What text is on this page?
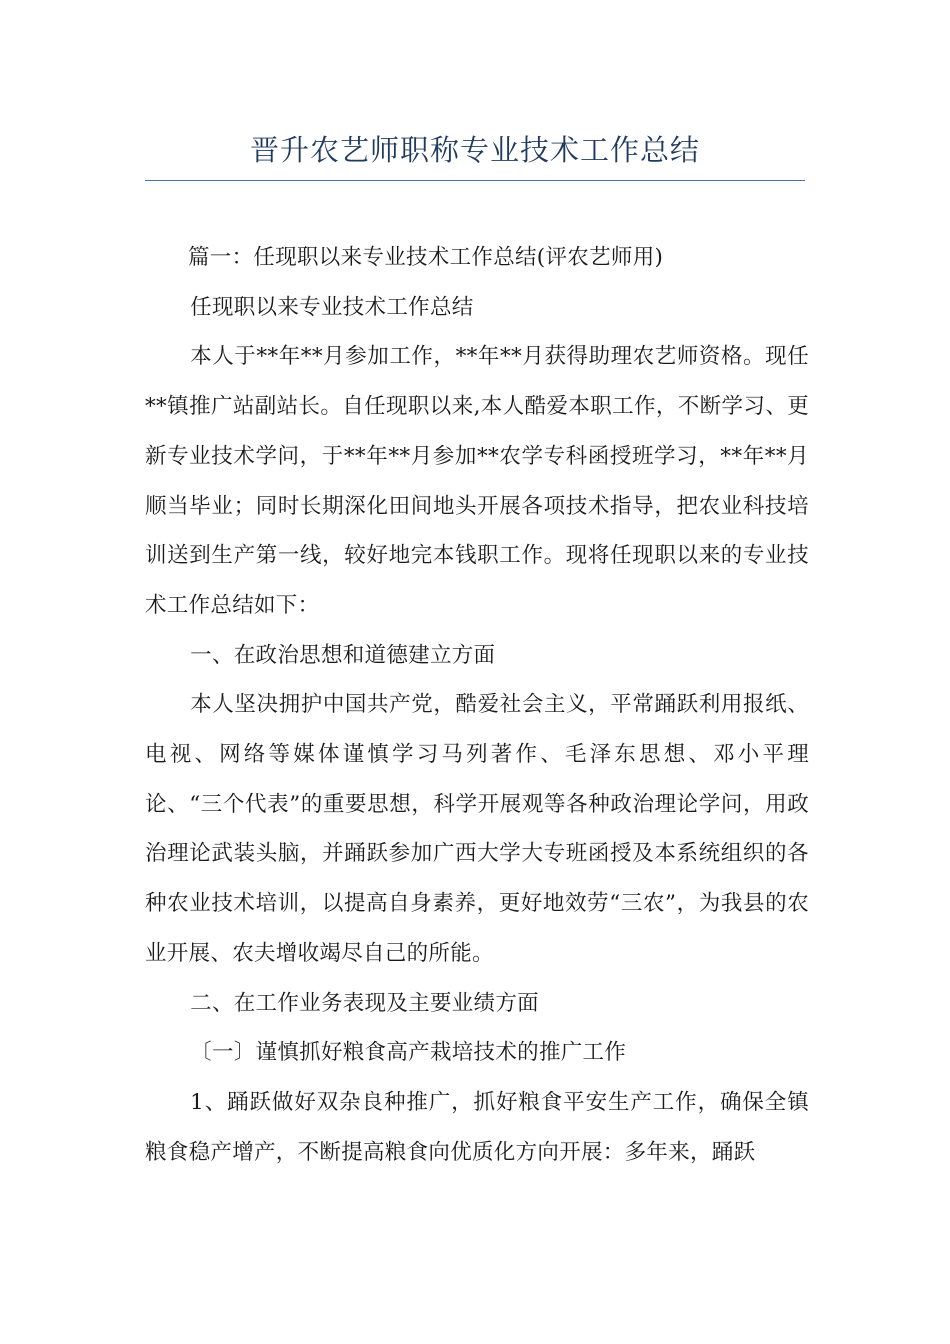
晋升农艺师职称专业技术工作总结

篇一：任现职以来专业技术工作总结(评农艺师用)

任现职以来专业技术工作总结

本人于**年**月参加工作，**年**月获得助理农艺师资格。现任**镇推广站副站长。自任现职以来,本人酷爱本职工作，不断学习、更新专业技术学问，于**年**月参加**农学专科函授班学习，**年**月顺当毕业；同时长期深化田间地头开展各项技术指导，把农业科技培训送到生产第一线，较好地完本钱职工作。现将任现职以来的专业技术工作总结如下：

一、在政治思想和道德建立方面

本人坚决拥护中国共产党，酷爱社会主义，平常踊跃利用报纸、电视、网络等媒体谨慎学习马列著作、毛泽东思想、邓小平理论、“三个代表”的重要思想，科学开展观等各种政治理论学问，用政治理论武装头脑，并踊跃参加广西大学大专班函授及本系统组织的各种农业技术培训，以提高自身素养，更好地效劳“三农”，为我县的农业开展、农夫增收竭尽自己的所能。

二、在工作业务表现及主要业绩方面

〔一〕谨慎抓好粮食高产栽培技术的推广工作

1、踊跃做好双杂良种推广，抓好粮食平安生产工作，确保全镇粮食稳产增产，不断提高粮食向优质化方向开展：多年来，踊跃
